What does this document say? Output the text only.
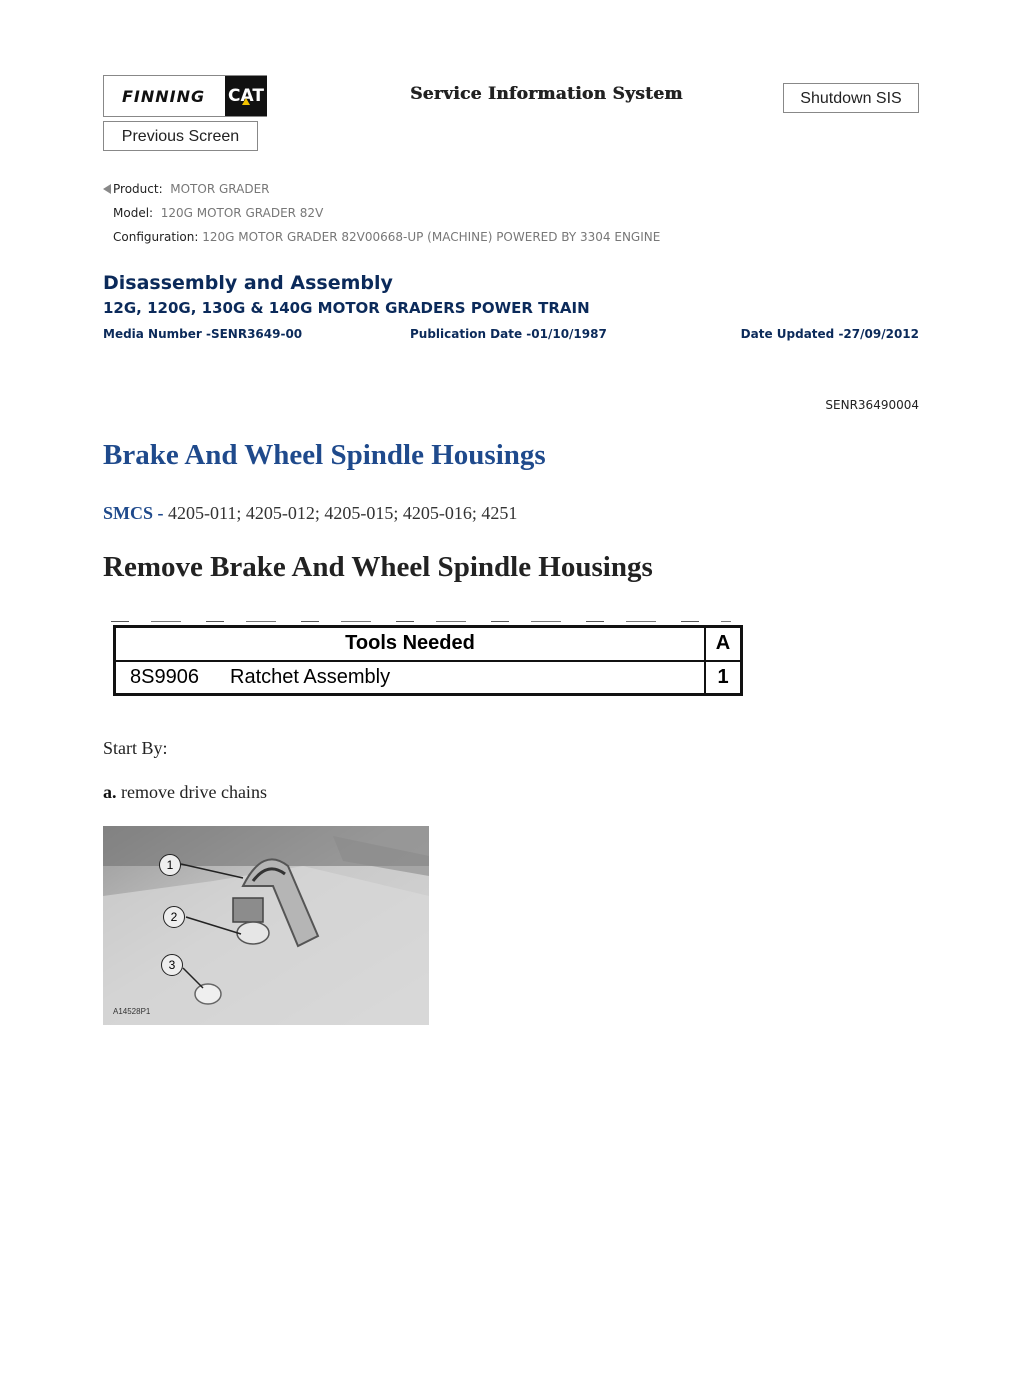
FINNING CAT	Service Information System	Shutdown SIS
Previous Screen
Product: MOTOR GRADER
Model: 120G MOTOR GRADER 82V
Configuration: 120G MOTOR GRADER 82V00668-UP (MACHINE) POWERED BY 3304 ENGINE
Disassembly and Assembly
12G, 120G, 130G & 140G MOTOR GRADERS POWER TRAIN
Media Number -SENR3649-00	Publication Date -01/10/1987	Date Updated -27/09/2012
SENR36490004
Brake And Wheel Spindle Housings
SMCS - 4205-011; 4205-012; 4205-015; 4205-016; 4251
Remove Brake And Wheel Spindle Housings
Tools Needed		A
8S9906	Ratchet Assembly	1
Start By:
a. remove drive chains
1
2
3
A14528P1
